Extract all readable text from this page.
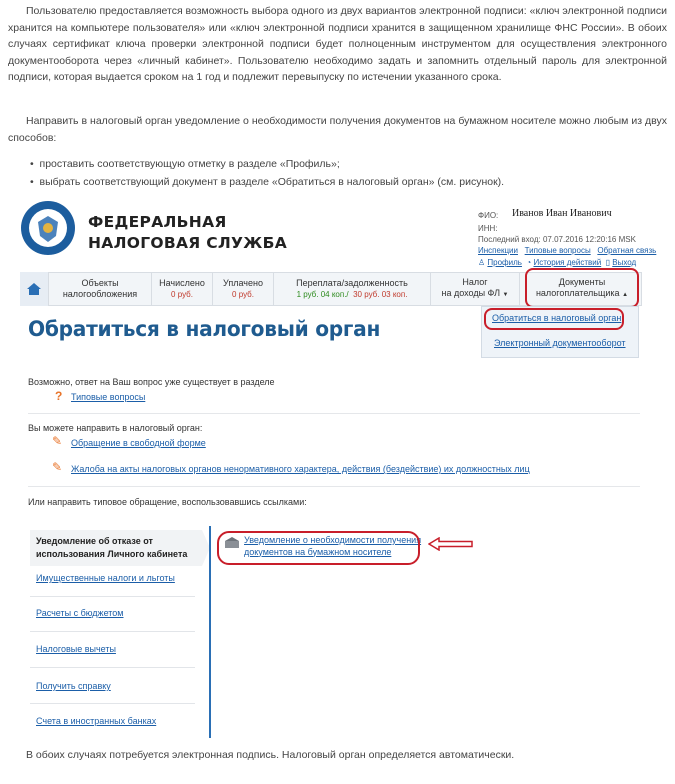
Пользователю предоставляется возможность выбора одного из двух вариантов электронной подписи: «ключ электронной подписи хранится на компьютере пользователя» или «ключ электронной подписи хранится в защищенном хранилище ФНС России». В обоих случаях сертификат ключа проверки электронной подписи будет полноценным инструментом для осуществления электронного документооборота через «личный кабинет». Пользователю необходимо задать и запомнить отдельный пароль для электронной подписи, которая выдается сроком на 1 год и подлежит перевыпуску по истечении указанного срока.
Направить в налоговый орган уведомление о необходимости получения документов на бумажном носителе можно любым из двух способов:
•  проставить соответствующую отметку в разделе «Профиль»;
•  выбрать соответствующий документ в разделе «Обратиться в налоговый орган» (см. рисунок).
ФЕДЕРАЛЬНАЯ
НАЛОГОВАЯ СЛУЖБА
ФИО: Иванов Иван Иванович
ИНН:
Последний вход: 07.07.2016 12:20:16 MSK
Инспекции Типовые вопросы Обратная связь
♙ Профиль ◔ История действий ▯ Выход
Объекты
налогообложения
Начислено
0 руб.
Уплачено
0 руб.
Переплата/задолженность
1 руб. 04 коп./ 30 руб. 03 коп.
Налог
на доходы ФЛ ▼
Документы
налогоплательщика ▲
Обратиться в налоговый орган
Электронный документооборот
Обратиться в налоговый орган
Возможно, ответ на Ваш вопрос уже существует в разделе
? Типовые вопросы
Вы можете направить в налоговый орган:
✎ Обращение в свободной форме
✎ Жалоба на акты налоговых органов ненормативного характера, действия (бездействие) их должностных лиц
Или направить типовое обращение, воспользовавшись ссылками:
Уведомление об отказе от
использования Личного кабинета
Имущественные налоги и льготы
Расчеты с бюджетом
Налоговые вычеты
Получить справку
Счета в иностранных банках
Уведомление о необходимости получения
документов на бумажном носителе
В обоих случаях потребуется электронная подпись. Налоговый орган определяется автоматически.
